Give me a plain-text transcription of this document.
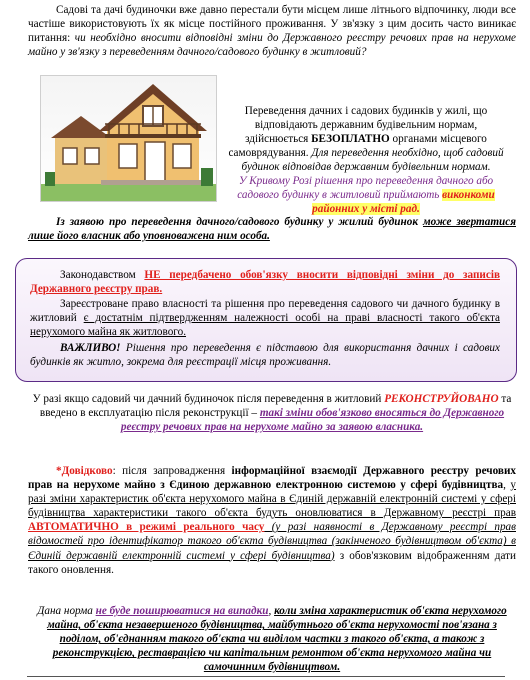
Садові та дачі будиночки вже давно перестали бути місцем лише літнього відпочинку, люди все частіше використовують їх як місце постійного проживання. У зв'язку з цим досить часто виникає питання: чи необхідно вносити відповідні зміни до Державного реєстру речових прав на нерухоме майно у зв'язку з переведенням дачного/садового будинку в житловий?

Переведення дачних і садових будинків у жилі, що відповідають державним будівельним нормам, здійснюється БЕЗОПЛАТНО органами місцевого самоврядування. Для переведення необхідно, щоб садовий будинок відповідав державним будівельним нормам.

У Кривому Розі рішення про переведення дачного або садового будинку в житловий приймають виконкоми районних у місті рад.

Із заявою про переведення дачного/садового будинку у жилий будинок може звертатися лише його власник або уповноважена ним особа.

Законодавством НЕ передбачено обов'язку вносити відповідні зміни до записів Державного реєстру прав.

Зареєстроване право власності та рішення про переведення садового чи дачного будинку в житловий є достатнім підтвердженням належності особі на праві власності такого об'єкта нерухомого майна як житлового.

ВАЖЛИВО! Рішення про переведення є підставою для використання дачних і садових будинків як житло, зокрема для реєстрації місця проживання.

У разі якщо садовий чи дачний будиночок після переведення в житловий РЕКОНСТРУЙОВАНО та введено в експлуатацію після реконструкції – такі зміни обов'язково вносяться до Державного реєстру речових прав на нерухоме майно за заявою власника.

*Довідково: після запровадження інформаційної взаємодії Державного реєстру речових прав на нерухоме майно з Єдиною державною електронною системою у сфері будівництва, у разі зміни характеристик об'єкта нерухомого майна в Єдиній державній електронній системі у сфері будівництва характеристики такого об'єкта будуть оновлюватися в Державному реєстрі прав АВТОМАТИЧНО в режимі реального часу (у разі наявності в Державному реєстрі прав відомостей про ідентифікатор такого об'єкта будівництва (закінченого будівництвом об'єкта) в Єдиній державній електронній системі у сфері будівництва) з обов'язковим відображенням дати такого оновлення.

Дана норма не буде поширюватися на випадки, коли зміна характеристик об'єкта нерухомого майна, об'єкта незавершеного будівництва, майбутнього об'єкта нерухомості пов'язана з поділом, об'єднанням такого об'єкта чи виділом частки з такого об'єкта, а також з реконструкцією, реставрацією чи капітальним ремонтом об'єкта нерухомого майна чи самочинним будівництвом.
